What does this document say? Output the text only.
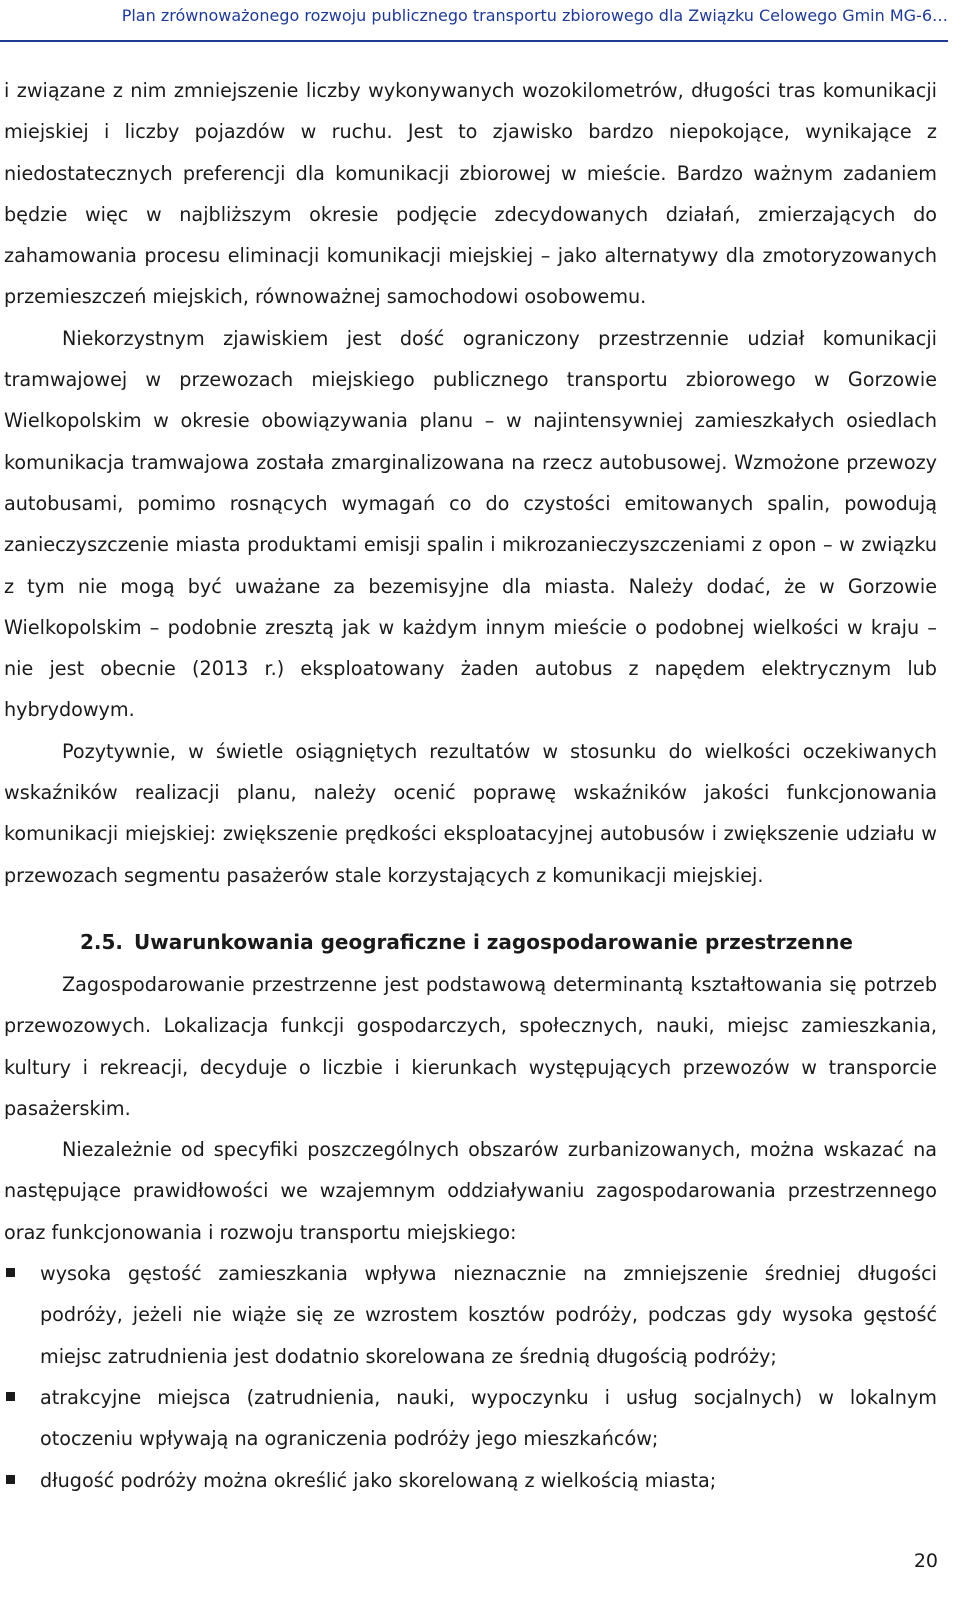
Plan zrównoważonego rozwoju publicznego transportu zbiorowego dla Związku Celowego Gmin MG-6…

i związane z nim zmniejszenie liczby wykonywanych wozokilometrów, długości tras komunikacji miejskiej i liczby pojazdów w ruchu. Jest to zjawisko bardzo niepokojące, wynikające z niedostatecznych preferencji dla komunikacji zbiorowej w mieście. Bardzo ważnym zadaniem będzie więc w najbliższym okresie podjęcie zdecydowanych działań, zmierzających do zahamowania procesu eliminacji komunikacji miejskiej – jako alternatywy dla zmotoryzowanych przemieszczeń miejskich, równoważnej samochodowi osobowemu.

Niekorzystnym zjawiskiem jest dość ograniczony przestrzennie udział komunikacji tramwajowej w przewozach miejskiego publicznego transportu zbiorowego w Gorzowie Wielkopolskim w okresie obowiązywania planu – w najintensywniej zamieszkałych osiedlach komunikacja tramwajowa została zmarginalizowana na rzecz autobusowej. Wzmożone przewozy autobusami, pomimo rosnących wymagań co do czystości emitowanych spalin, powodują zanieczyszczenie miasta produktami emisji spalin i mikrozanieczyszczeniami z opon – w związku z tym nie mogą być uważane za bezemisyjne dla miasta. Należy dodać, że w Gorzowie Wielkopolskim – podobnie zresztą jak w każdym innym mieście o podobnej wielkości w kraju – nie jest obecnie (2013 r.) eksploatowany żaden autobus z napędem elektrycznym lub hybrydowym.

Pozytywnie, w świetle osiągniętych rezultatów w stosunku do wielkości oczekiwanych wskaźników realizacji planu, należy ocenić poprawę wskaźników jakości funkcjonowania komunikacji miejskiej: zwiększenie prędkości eksploatacyjnej autobusów i zwiększenie udziału w przewozach segmentu pasażerów stale korzystających z komunikacji miejskiej.

2.5. Uwarunkowania geograficzne i zagospodarowanie przestrzenne

Zagospodarowanie przestrzenne jest podstawową determinantą kształtowania się potrzeb przewozowych. Lokalizacja funkcji gospodarczych, społecznych, nauki, miejsc zamieszkania, kultury i rekreacji, decyduje o liczbie i kierunkach występujących przewozów w transporcie pasażerskim.

Niezależnie od specyfiki poszczególnych obszarów zurbanizowanych, można wskazać na następujące prawidłowości we wzajemnym oddziaływaniu zagospodarowania przestrzennego oraz funkcjonowania i rozwoju transportu miejskiego:

wysoka gęstość zamieszkania wpływa nieznacznie na zmniejszenie średniej długości podróży, jeżeli nie wiąże się ze wzrostem kosztów podróży, podczas gdy wysoka gęstość miejsc zatrudnienia jest dodatnio skorelowana ze średnią długością podróży;
atrakcyjne miejsca (zatrudnienia, nauki, wypoczynku i usług socjalnych) w lokalnym otoczeniu wpływają na ograniczenia podróży jego mieszkańców;
długość podróży można określić jako skorelowaną z wielkością miasta;
20
